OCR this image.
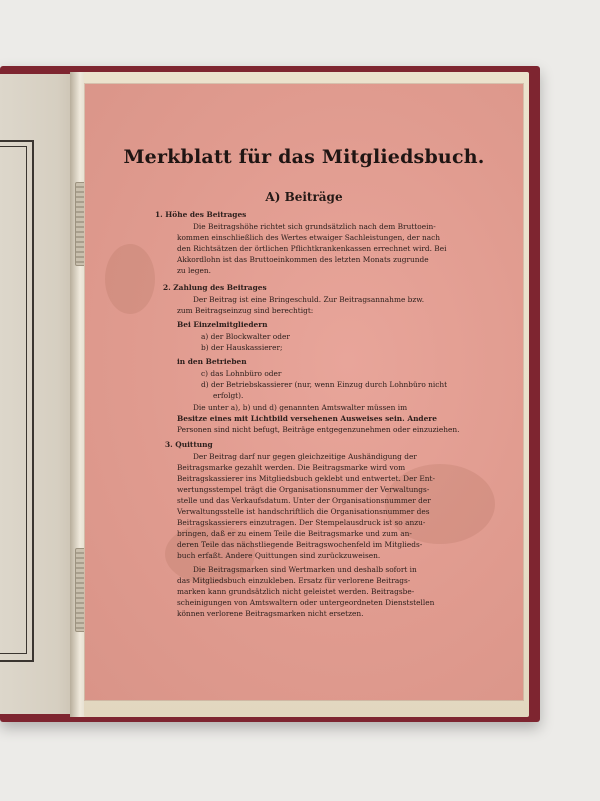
Merkblatt für das Mitgliedsbuch.
A) Beiträge
1. Höhe des Beitrages
Die Beitragshöhe richtet sich grundsätzlich nach dem Bruttoein-
kommen einschließlich des Wertes etwaiger Sachleistungen, der nach
den Richtsätzen der örtlichen Pflichtkrankenkassen errechnet wird. Bei
Akkordlohn ist das Bruttoeinkommen des letzten Monats zugrunde
zu legen.
2. Zahlung des Beitrages
Der Beitrag ist eine Bringeschuld. Zur Beitragsannahme bzw.
zum Beitragseinzug sind berechtigt:
Bei Einzelmitgliedern
a) der Blockwalter oder
b) der Hauskassierer;
in den Betrieben
c) das Lohnbüro oder
d) der Betriebskassierer (nur, wenn Einzug durch Lohnbüro nicht
erfolgt).
Die unter a), b) und d) genannten Amtswalter müssen im
Besitze eines mit Lichtbild versehenen Ausweises sein. Andere
Personen sind nicht befugt, Beiträge entgegenzunehmen oder einzuziehen.
3. Quittung
Der Beitrag darf nur gegen gleichzeitige Aushändigung der
Beitragsmarke gezahlt werden. Die Beitragsmarke wird vom
Beitragskassierer ins Mitgliedsbuch geklebt und entwertet. Der Ent-
wertungsstempel trägt die Organisationsnummer der Verwaltungs-
stelle und das Verkaufsdatum. Unter der Organisationsnummer der
Verwaltungsstelle ist handschriftlich die Organisationsnummer des
Beitragskassierers einzutragen. Der Stempelausdruck ist so anzu-
bringen, daß er zu einem Teile die Beitragsmarke und zum an-
deren Teile das nächstliegende Beitragswochenfeld im Mitglieds-
buch erfaßt. Andere Quittungen sind zurückzuweisen.
Die Beitragsmarken sind Wertmarken und deshalb sofort in
das Mitgliedsbuch einzukleben. Ersatz für verlorene Beitrags-
marken kann grundsätzlich nicht geleistet werden. Beitragsbe-
scheinigungen von Amtswaltern oder untergeordneten Dienststellen
können verlorene Beitragsmarken nicht ersetzen.
